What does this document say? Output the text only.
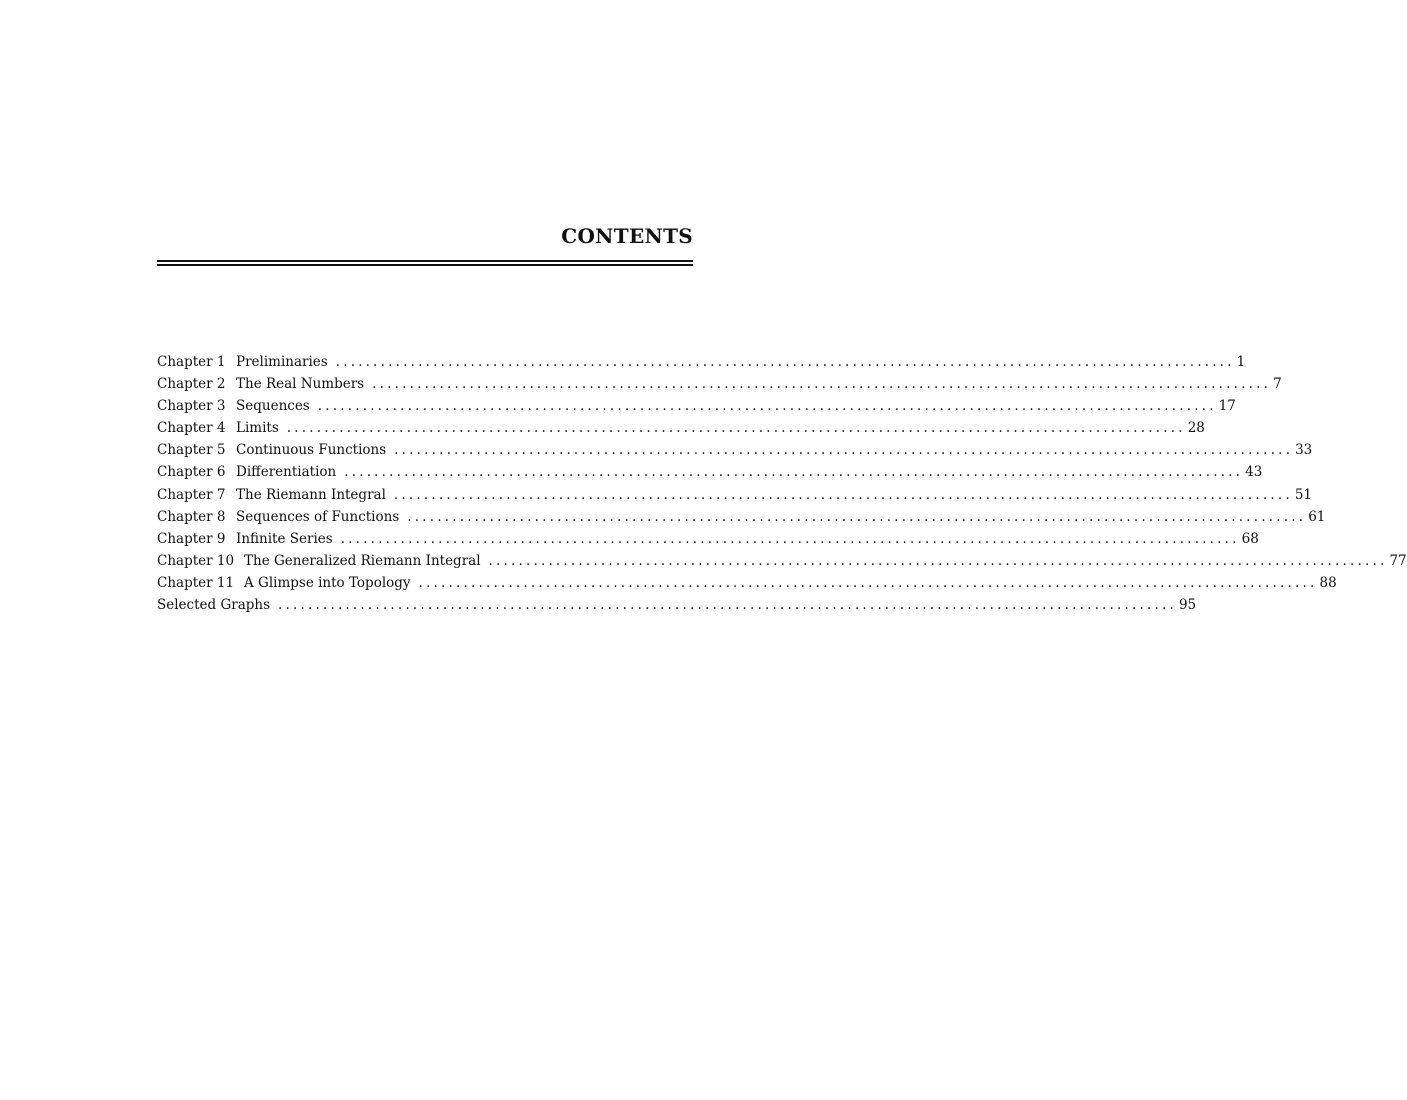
CONTENTS
Chapter 1 Preliminaries ........................................................................................................................ 1
Chapter 2 The Real Numbers ........................................................................................................................ 7
Chapter 3 Sequences ........................................................................................................................ 17
Chapter 4 Limits ........................................................................................................................ 28
Chapter 5 Continuous Functions ........................................................................................................................ 33
Chapter 6 Differentiation ........................................................................................................................ 43
Chapter 7 The Riemann Integral ........................................................................................................................ 51
Chapter 8 Sequences of Functions ........................................................................................................................ 61
Chapter 9 Infinite Series ........................................................................................................................ 68
Chapter 10 The Generalized Riemann Integral ........................................................................................................................ 77
Chapter 11 A Glimpse into Topology ........................................................................................................................ 88
Selected Graphs ........................................................................................................................ 95
